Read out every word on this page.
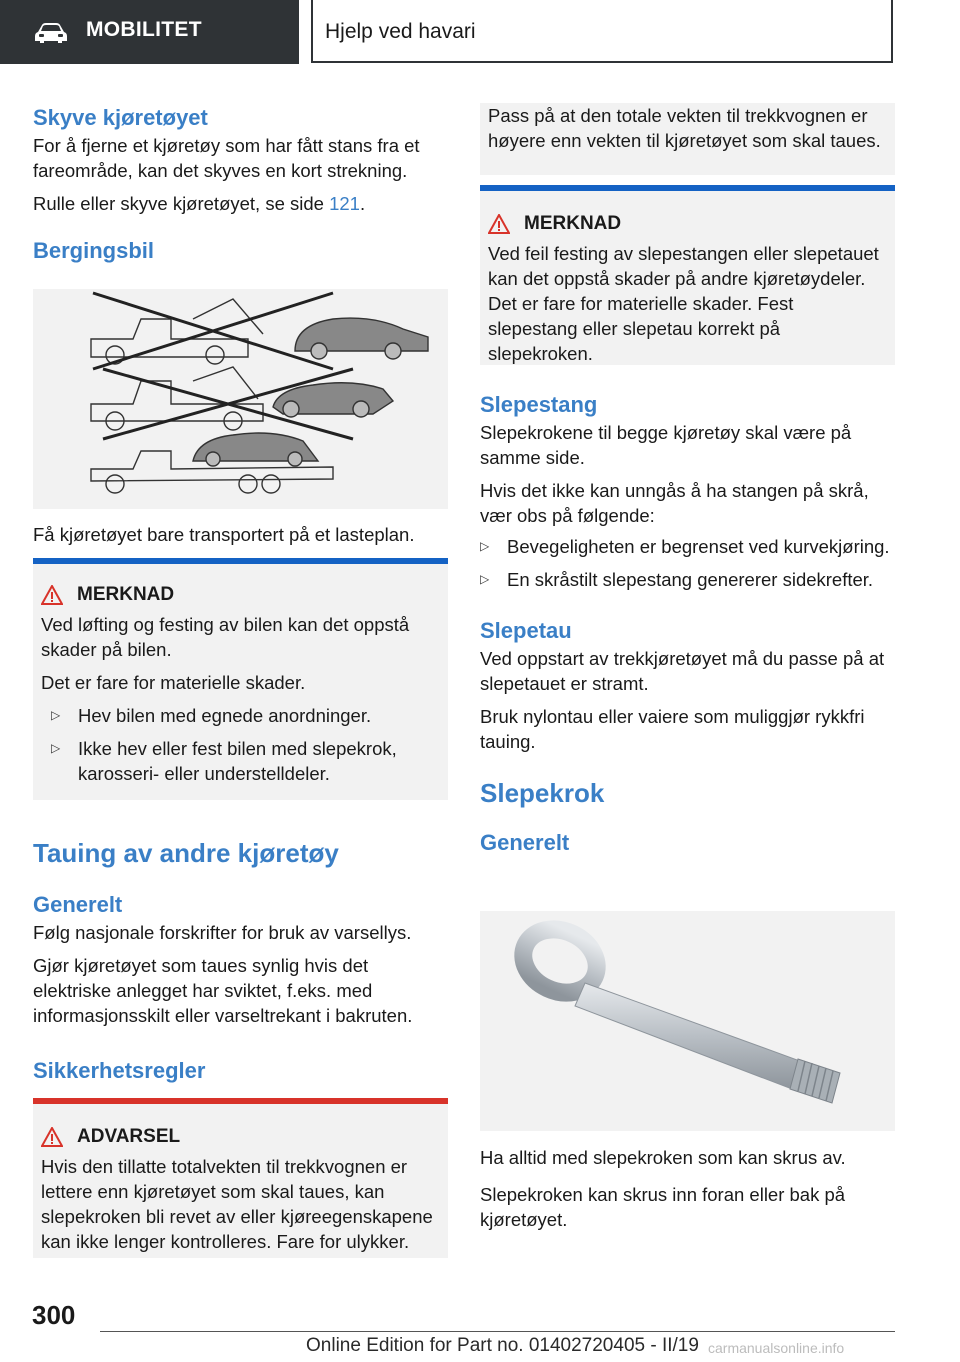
MOBILITET	Hjelp ved havari
Skyve kjøretøyet

For å fjerne et kjøretøy som har fått stans fra et fareområde, kan det skyves en kort strekning.

Rulle eller skyve kjøretøyet, se side 121.

Bergingsbil

Få kjøretøyet bare transportert på et lasteplan.

MERKNAD

Ved løfting og festing av bilen kan det oppstå skader på bilen.

Det er fare for materielle skader.

▷ Hev bilen med egnede anordninger.
▷ Ikke hev eller fest bilen med slepekrok, karosseri- eller understelldeler.
Tauing av andre kjøretøy
Generelt

Følg nasjonale forskrifter for bruk av varsellys.

Gjør kjøretøyet som taues synlig hvis det elektriske anlegget har sviktet, f.eks. med informasjonsskilt eller varseltrekant i bakruten.

Sikkerhetsregler
ADVARSEL

Hvis den tillatte totalvekten til trekkvognen er lettere enn kjøretøyet som skal taues, kan slepekroken bli revet av eller kjøreegenskapene kan ikke lenger kontrolleres. Fare for ulykker.

Pass på at den totale vekten til trekkvognen er høyere enn vekten til kjøretøyet som skal taues.

MERKNAD

Ved feil festing av slepestangen eller slepetauet kan det oppstå skader på andre kjøretøydeler. Det er fare for materielle skader. Fest slepestang eller slepetau korrekt på slepekroken.

Slepestang

Slepekrokene til begge kjøretøy skal være på samme side.

Hvis det ikke kan unngås å ha stangen på skrå, vær obs på følgende:

▷ Bevegeligheten er begrenset ved kurvekjøring.
▷ En skråstilt slepestang genererer sidekrefter.
Slepetau

Ved oppstart av trekkjøretøyet må du passe på at slepetauet er stramt.

Bruk nylontau eller vaiere som muliggjør rykkfri tauing.

Slepekrok
Generelt

Ha alltid med slepekroken som kan skrus av.

Slepekroken kan skrus inn foran eller bak på kjøretøyet.

300
Online Edition for Part no. 01402720405 - II/19 carmanualsonline.info
